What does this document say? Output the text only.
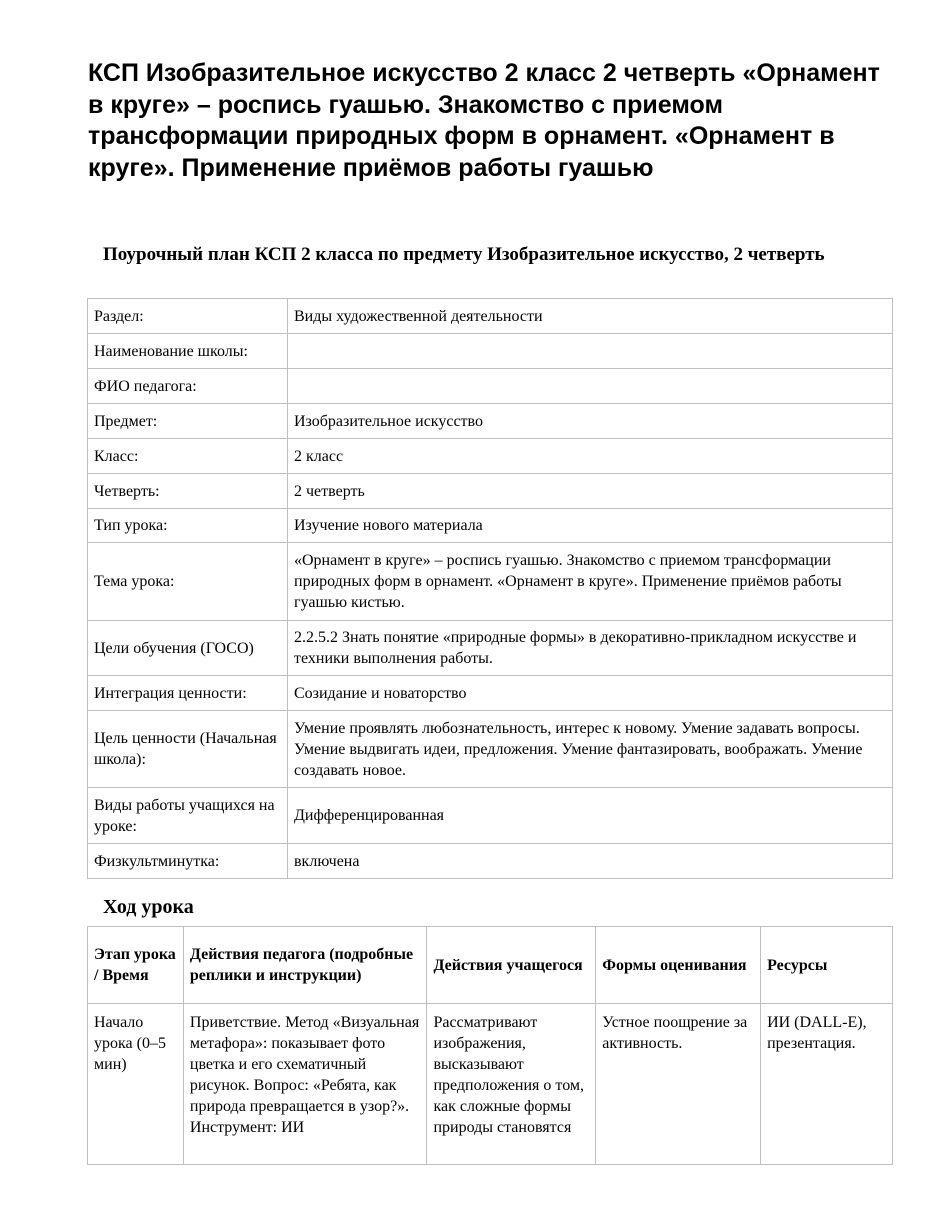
КСП Изобразительное искусство 2 класс 2 четверть «Орнамент в круге» – роспись гуашью. Знакомство с приемом трансформации природных форм в орнамент. «Орнамент в круге». Применение приёмов работы гуашью

Поурочный план КСП 2 класса по предмету Изобразительное искусство, 2 четверть

Раздел:	Виды художественной деятельности
Наименование школы:	
ФИО педагога:	
Предмет:	Изобразительное искусство
Класс:	2 класс
Четверть:	2 четверть
Тип урока:	Изучение нового материала
Тема урока:	«Орнамент в круге» – роспись гуашью. Знакомство с приемом трансформации природных форм в орнамент. «Орнамент в круге». Применение приёмов работы гуашью кистью.
Цели обучения (ГОСО)	2.2.5.2 Знать понятие «природные формы» в декоративно-прикладном искусстве и техники выполнения работы.
Интеграция ценности:	Созидание и новаторство
Цель ценности (Начальная школа):	Умение проявлять любознательность, интерес к новому. Умение задавать вопросы. Умение выдвигать идеи, предложения. Умение фантазировать, воображать. Умение создавать новое.
Виды работы учащихся на уроке:	Дифференцированная
Физкультминутка:	включена

Ход урока

Этап урока / Время	Действия педагога (подробные реплики и инструкции)	Действия учащегося	Формы оценивания	Ресурсы
Начало урока (0–5 мин)	Приветствие. Метод «Визуальная метафора»: показывает фото цветка и его схематичный рисунок. Вопрос: «Ребята, как природа превращается в узор?». Инструмент: ИИ	Рассматривают изображения, высказывают предположения о том, как сложные формы природы становятся	Устное поощрение за активность.	ИИ (DALL-E), презентация.
